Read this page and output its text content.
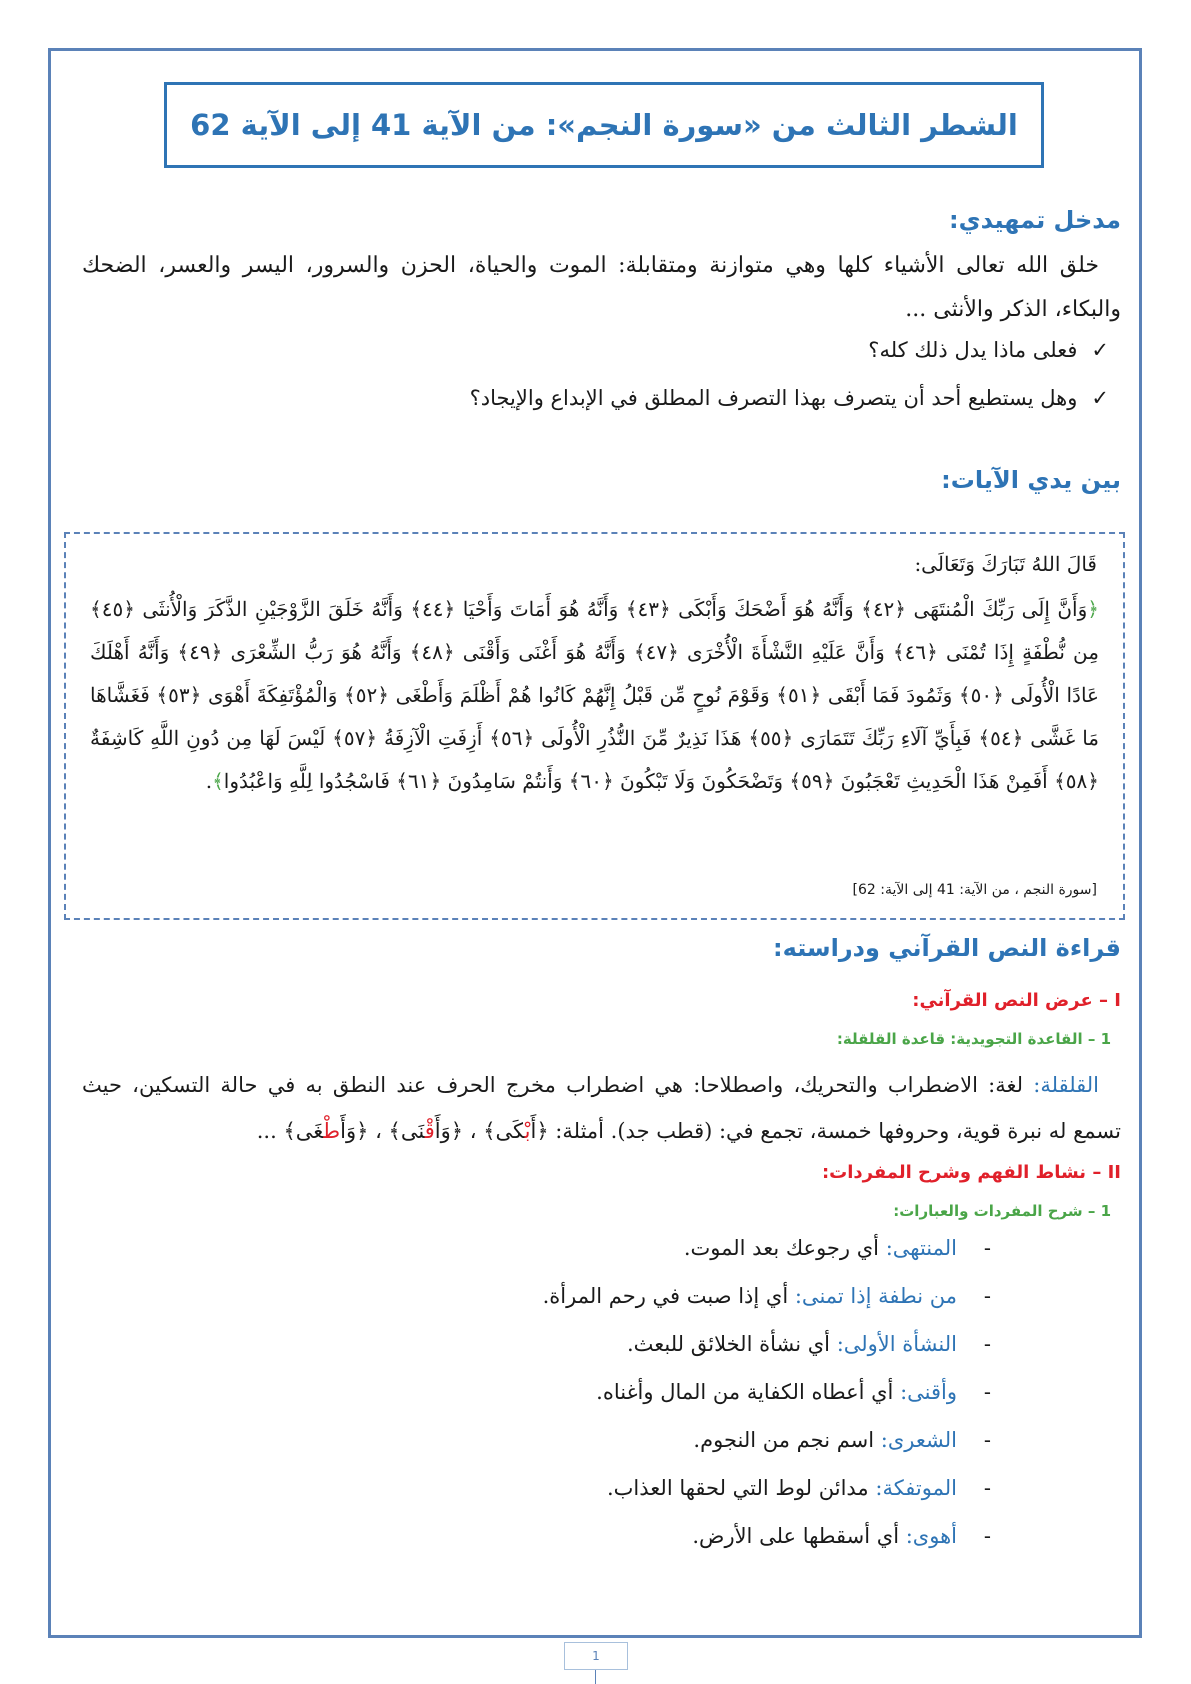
الشطر الثالث من «سورة النجم»: من الآية 41 إلى الآية 62
مدخل تمهيدي:
خلق الله تعالى الأشياء كلها وهي متوازنة ومتقابلة: الموت والحياة، الحزن والسرور، اليسر والعسر، الضحك والبكاء، الذكر والأنثى ...
✓فعلى ماذا يدل ذلك كله؟
✓وهل يستطيع أحد أن يتصرف بهذا التصرف المطلق في الإبداع والإيجاد؟
بين يدي الآيات:
قَالَ اللهُ تَبَارَكَ وَتَعَالَى:
﴿وَأَنَّ إِلَى رَبِّكَ الْمُنتَهَى ﴿٤٢﴾ وَأَنَّهُ هُوَ أَضْحَكَ وَأَبْكَى ﴿٤٣﴾ وَأَنَّهُ هُوَ أَمَاتَ وَأَحْيَا ﴿٤٤﴾ وَأَنَّهُ خَلَقَ الزَّوْجَيْنِ الذَّكَرَ وَالْأُنثَى ﴿٤٥﴾ مِن نُّطْفَةٍ إِذَا تُمْنَى ﴿٤٦﴾ وَأَنَّ عَلَيْهِ النَّشْأَةَ الْأُخْرَى ﴿٤٧﴾ وَأَنَّهُ هُوَ أَغْنَى وَأَقْنَى ﴿٤٨﴾ وَأَنَّهُ هُوَ رَبُّ الشِّعْرَى ﴿٤٩﴾ وَأَنَّهُ أَهْلَكَ عَادًا الْأُولَى ﴿٥٠﴾ وَثَمُودَ فَمَا أَبْقَى ﴿٥١﴾ وَقَوْمَ نُوحٍ مِّن قَبْلُ إِنَّهُمْ كَانُوا هُمْ أَظْلَمَ وَأَطْغَى ﴿٥٢﴾ وَالْمُؤْتَفِكَةَ أَهْوَى ﴿٥٣﴾ فَغَشَّاهَا مَا غَشَّى ﴿٥٤﴾ فَبِأَيِّ آلَاءِ رَبِّكَ تَتَمَارَى ﴿٥٥﴾ هَذَا نَذِيرٌ مِّنَ النُّذُرِ الْأُولَى ﴿٥٦﴾ أَزِفَتِ الْآزِفَةُ ﴿٥٧﴾ لَيْسَ لَهَا مِن دُونِ اللَّهِ كَاشِفَةٌ ﴿٥٨﴾ أَفَمِنْ هَذَا الْحَدِيثِ تَعْجَبُونَ ﴿٥٩﴾ وَتَضْحَكُونَ وَلَا تَبْكُونَ ﴿٦٠﴾ وَأَنتُمْ سَامِدُونَ ﴿٦١﴾ فَاسْجُدُوا لِلَّهِ وَاعْبُدُوا﴾.
[سورة النجم ، من الآية: 41 إلى الآية: 62]
قراءة النص القرآني ودراسته:
I – عرض النص القرآني:
1 – القاعدة التجويدية: قاعدة القلقلة:
القلقلة: لغة: الاضطراب والتحريك، واصطلاحا: هي اضطراب مخرج الحرف عند النطق به في حالة التسكين، حيث تسمع له نبرة قوية، وحروفها خمسة، تجمع في: (قطب جد). أمثلة: ﴿أَبْكَى﴾ ، ﴿وَأَقْنَى﴾ ، ﴿وَأَطْغَى﴾ ...
II – نشاط الفهم وشرح المفردات:
1 – شرح المفردات والعبارات:
-المنتهى: أي رجوعك بعد الموت.
-من نطفة إذا تمنى: أي إذا صبت في رحم المرأة.
-النشأة الأولى: أي نشأة الخلائق للبعث.
-وأقنى: أي أعطاه الكفاية من المال وأغناه.
-الشعرى: اسم نجم من النجوم.
-الموتفكة: مدائن لوط التي لحقها العذاب.
-أهوى: أي أسقطها على الأرض.
1
